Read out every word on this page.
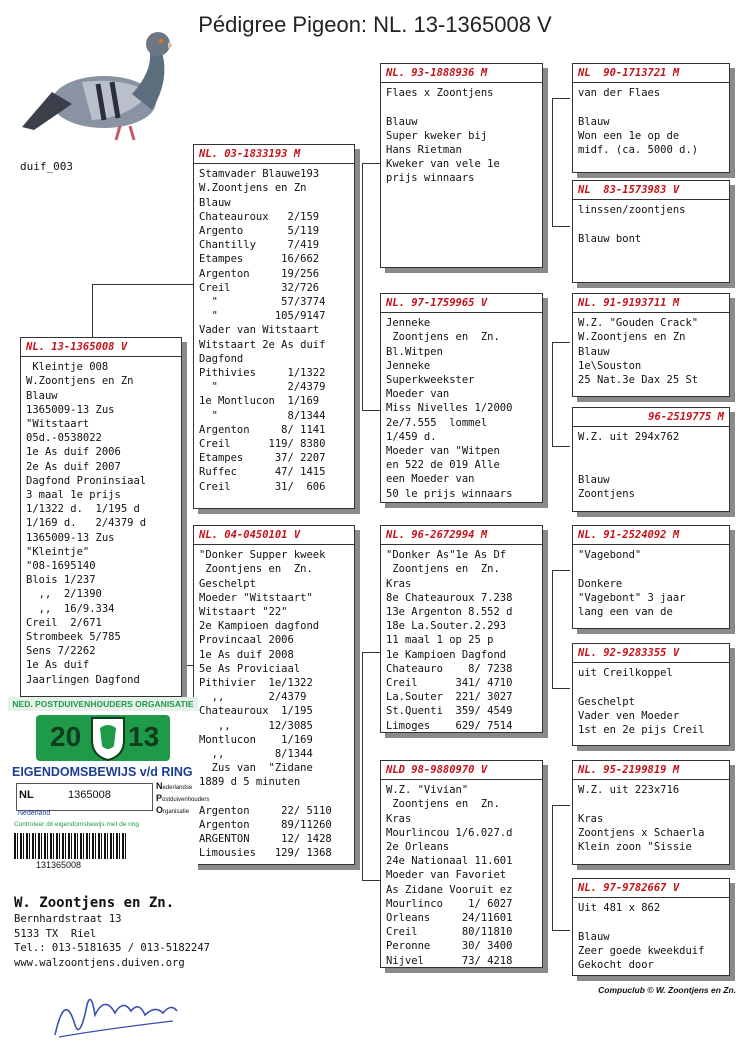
Pédigree Pigeon: NL. 13-1365008 V
duif_003
NL. 13-1365008 V
Kleintje 008
W.Zoontjens en Zn
Blauw
1365009-13 Zus
"Witstaart
05d.-0538022
1e As duif 2006
2e As duif 2007
Dagfond Proninsiaal
3 maal 1e prijs
1/1322 d.  1/195 d
1/169 d.   2/4379 d
1365009-13 Zus
"Kleintje"
"08-1695140
Blois 1/237
,,  2/1390
,,  16/9.334
Creil  2/671
Strombeek 5/785
Sens 7/2262
1e As duif
Jaarlingen Dagfond
NL. 03-1833193 M
Stamvader Blauwe193
W.Zoontjens en Zn
Blauw
Chateauroux   2/159
Argento       5/119
Chantilly     7/419
Etampes      16/662
Argenton     19/256
Creil        32/726
"          57/3774
"         105/9147
Vader van Witstaart
Witstaart 2e As duif
Dagfond
Pithivies     1/1322
"           2/4379
1e Montlucon  1/169
"           8/1344
Argenton     8/ 1141
Creil      119/ 8380
Etampes     37/ 2207
Ruffec      47/ 1415
Creil       31/  606
NL. 04-0450101 V
"Donker Supper kweek
Zoontjens en  Zn.
Geschelpt
Moeder "Witstaart"
Witstaart "22"
2e Kampioen dagfond
Provincaal 2006
1e As duif 2008
5e As Proviciaal
Pithivier  1e/1322
,,       2/4379
Chateauroux  1/195
,,      12/3085
Montlucon    1/169
,,        8/1344
Zus van  "Zidane
1889 d 5 minuten

Argenton     22/ 5110
Argenton     89/11260
ARGENTON     12/ 1428
Limousies   129/ 1368
NL. 93-1888936 M
Flaes x Zoontjens

Blauw
Super kweker bij
Hans Rietman
Kweker van vele 1e
prijs winnaars
NL. 97-1759965 V
Jenneke
Zoontjens en  Zn.
Bl.Witpen
Jenneke
Superkweekster
Moeder van
Miss Nivelles 1/2000
2e/7.555  lommel
1/459 d.
Moeder van "Witpen
en 522 de 019 Alle
een Moeder van
50 le prijs winnaars
NL. 96-2672994 M
"Donker As"1e As Df
Zoontjens en  Zn.
Kras
8e Chateauroux 7.238
13e Argenton 8.552 d
18e La.Souter.2.293
11 maal 1 op 25 p
1e Kampioen Dagfond
Chateauro    8/ 7238
Creil      341/ 4710
La.Souter  221/ 3027
St.Quenti  359/ 4549
Limoges    629/ 7514
NLD 98-9880970 V
W.Z. "Vivian"
Zoontjens en  Zn.
Kras
Mourlincou 1/6.027.d
2e Orleans
24e Nationaal 11.601
Moeder van Favoriet
As Zidane Vooruit ez
Mourlinco    1/ 6027
Orleans     24/11601
Creil       80/11810
Peronne     30/ 3400
Nijvel      73/ 4218
NL  90-1713721 M
van der Flaes

Blauw
Won een 1e op de
midf. (ca. 5000 d.)
NL  83-1573983 V
linssen/zoontjens

Blauw bont
NL. 91-9193711 M
W.Z. "Gouden Crack"
W.Zoontjens en Zn
Blauw
1e\Souston
25 Nat.3e Dax 25 St
96-2519775 M
W.Z. uit 294x762

Blauw
Zoontjens
NL. 91-2524092 M
"Vagebond"

Donkere
"Vagebont" 3 jaar
lang een van de
NL. 92-9283355 V
uit Creilkoppel

Geschelpt
Vader ven Moeder
1st en 2e pijs Creil
NL. 95-2199819 M
W.Z. uit 223x716

Kras
Zoontjens x Schaerla
Klein zoon "Sissie
NL. 97-9782667 V
Uit 481 x 862

Blauw
Zeer goede kweekduif
Gekocht door
NED. POSTDUIVENHOUDERS ORGANISATIE
20 13
EIGENDOMSBEWIJS v/d RING
NL	1365008
Nederland
Nederlandse
Postduivenhouders
Organisatie
Controleer dit eigendomsbewijs met de ring
131365008
W. Zoontjens en Zn.
Bernhardstraat 13
5133 TX  Riel
Tel.: 013-5181635 / 013-5182247
www.walzoontjens.duiven.org
Compuclub © W. Zoontjens en Zn.
